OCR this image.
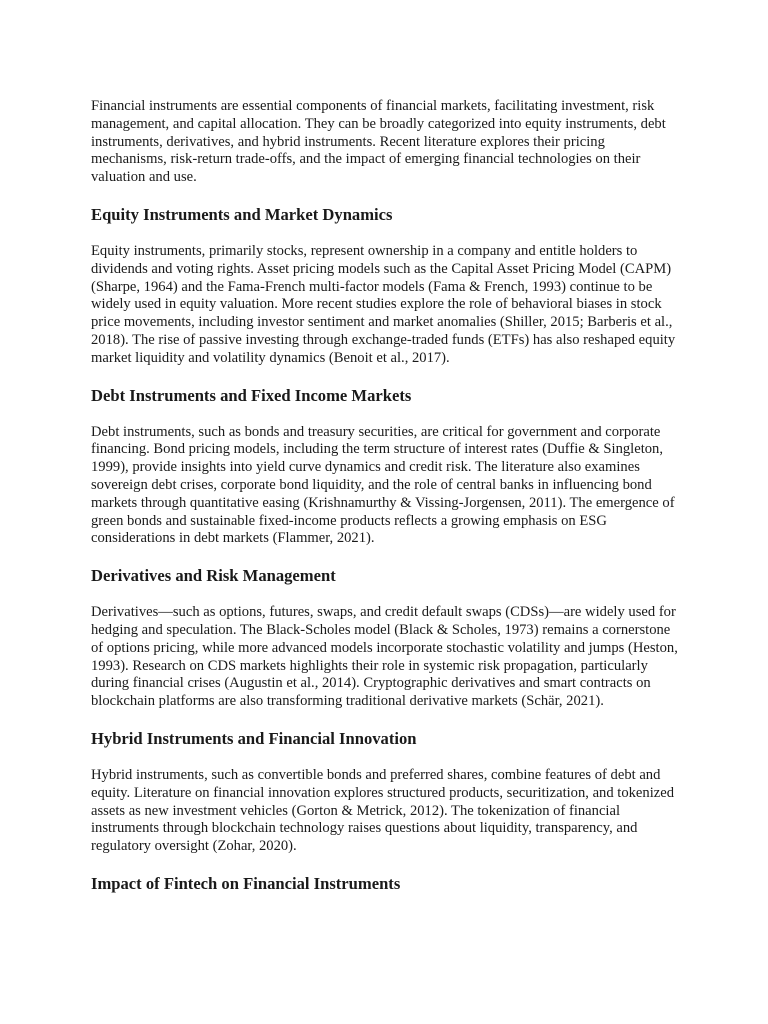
Financial instruments are essential components of financial markets, facilitating investment, risk management, and capital allocation. They can be broadly categorized into equity instruments, debt instruments, derivatives, and hybrid instruments. Recent literature explores their pricing mechanisms, risk-return trade-offs, and the impact of emerging financial technologies on their valuation and use.

Equity Instruments and Market Dynamics

Equity instruments, primarily stocks, represent ownership in a company and entitle holders to dividends and voting rights. Asset pricing models such as the Capital Asset Pricing Model (CAPM) (Sharpe, 1964) and the Fama-French multi-factor models (Fama & French, 1993) continue to be widely used in equity valuation. More recent studies explore the role of behavioral biases in stock price movements, including investor sentiment and market anomalies (Shiller, 2015; Barberis et al., 2018). The rise of passive investing through exchange-traded funds (ETFs) has also reshaped equity market liquidity and volatility dynamics (Benoit et al., 2017).

Debt Instruments and Fixed Income Markets

Debt instruments, such as bonds and treasury securities, are critical for government and corporate financing. Bond pricing models, including the term structure of interest rates (Duffie & Singleton, 1999), provide insights into yield curve dynamics and credit risk. The literature also examines sovereign debt crises, corporate bond liquidity, and the role of central banks in influencing bond markets through quantitative easing (Krishnamurthy & Vissing-Jorgensen, 2011). The emergence of green bonds and sustainable fixed-income products reflects a growing emphasis on ESG considerations in debt markets (Flammer, 2021).

Derivatives and Risk Management

Derivatives—such as options, futures, swaps, and credit default swaps (CDSs)—are widely used for hedging and speculation. The Black-Scholes model (Black & Scholes, 1973) remains a cornerstone of options pricing, while more advanced models incorporate stochastic volatility and jumps (Heston, 1993). Research on CDS markets highlights their role in systemic risk propagation, particularly during financial crises (Augustin et al., 2014). Cryptographic derivatives and smart contracts on blockchain platforms are also transforming traditional derivative markets (Schär, 2021).

Hybrid Instruments and Financial Innovation

Hybrid instruments, such as convertible bonds and preferred shares, combine features of debt and equity. Literature on financial innovation explores structured products, securitization, and tokenized assets as new investment vehicles (Gorton & Metrick, 2012). The tokenization of financial instruments through blockchain technology raises questions about liquidity, transparency, and regulatory oversight (Zohar, 2020).

Impact of Fintech on Financial Instruments
